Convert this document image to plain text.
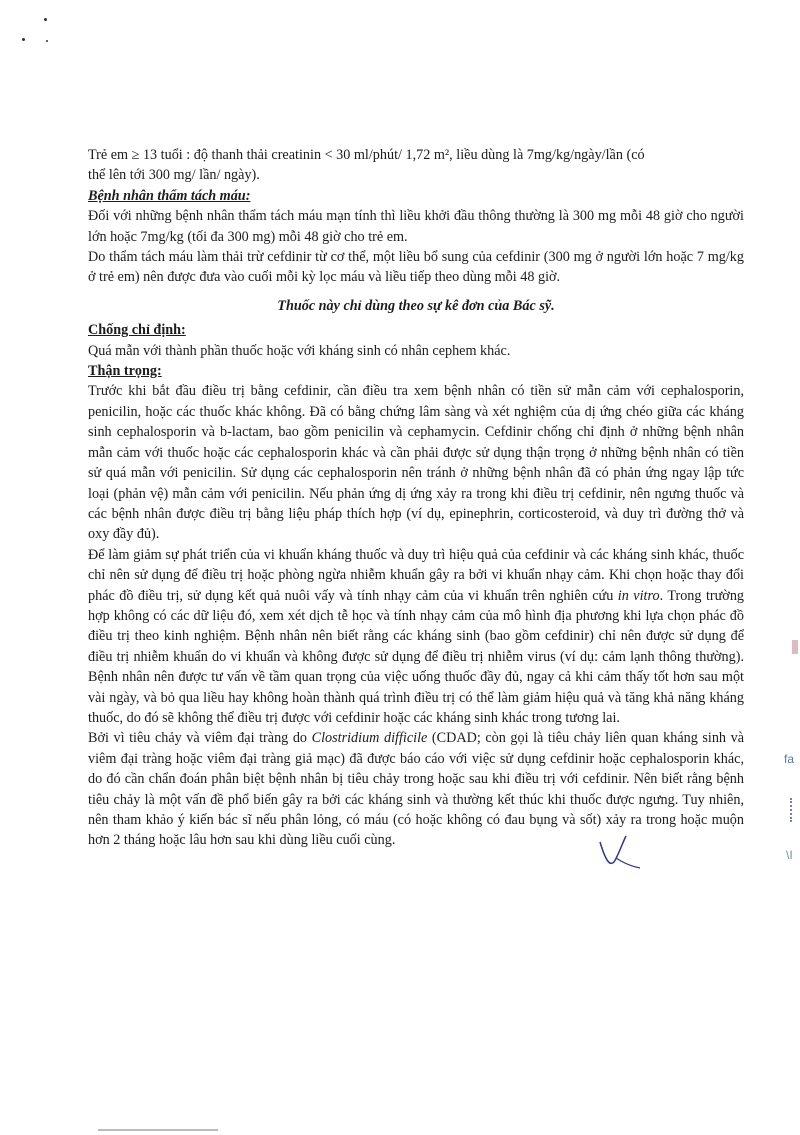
Trẻ em ≥ 13 tuổi : độ thanh thải creatinin < 30 ml/phút/ 1,72 m², liều dùng là 7mg/kg/ngày/lần (có

thể lên tới 300 mg/ lần/ ngày).

Bệnh nhân thẩm tách máu:

Đối với những bệnh nhân thẩm tách máu mạn tính thì liều khởi đầu thông thường là 300 mg mỗi 48 giờ cho người lớn hoặc 7mg/kg (tối đa 300 mg) mỗi 48 giờ cho trẻ em.

Do thẩm tách máu làm thải trừ cefdinir từ cơ thể, một liều bổ sung của cefdinir (300 mg ở người lớn hoặc 7 mg/kg ở trẻ em) nên được đưa vào cuối mỗi kỳ lọc máu và liều tiếp theo dùng mỗi 48 giờ.

Thuốc này chỉ dùng theo sự kê đơn của Bác sỹ.

Chống chỉ định:

Quá mẫn với thành phần thuốc hoặc với kháng sinh có nhân cephem khác.

Thận trọng:

Trước khi bắt đầu điều trị bằng cefdinir, cần điều tra xem bệnh nhân có tiền sử mẫn cảm với cephalosporin, penicilin, hoặc các thuốc khác không. Đã có bằng chứng lâm sàng và xét nghiệm của dị ứng chéo giữa các kháng sinh cephalosporin và b-lactam, bao gồm penicilin và cephamycin. Cefdinir chống chỉ định ở những bệnh nhân mẫn cảm với thuốc hoặc các cephalosporin khác và cần phải được sử dụng thận trọng ở những bệnh nhân có tiền sử quá mẫn với penicilin. Sử dụng các cephalosporin nên tránh ở những bệnh nhân đã có phản ứng ngay lập tức loại (phản vệ) mẫn cảm với penicilin. Nếu phản ứng dị ứng xảy ra trong khi điều trị cefdinir, nên ngưng thuốc và các bệnh nhân được điều trị bằng liệu pháp thích hợp (ví dụ, epinephrin, corticosteroid, và duy trì đường thở và oxy đầy đủ).

Để làm giảm sự phát triển của vi khuẩn kháng thuốc và duy trì hiệu quả của cefdinir và các kháng sinh khác, thuốc chỉ nên sử dụng để điều trị hoặc phòng ngừa nhiễm khuẩn gây ra bởi vi khuẩn nhạy cảm. Khi chọn hoặc thay đổi phác đồ điều trị, sử dụng kết quả nuôi vấy và tính nhạy cảm của vi khuẩn trên nghiên cứu in vitro. Trong trường hợp không có các dữ liệu đó, xem xét dịch tễ học và tính nhạy cảm của mô hình địa phương khi lựa chọn phác đồ điều trị theo kinh nghiệm. Bệnh nhân nên biết rằng các kháng sinh (bao gồm cefdinir) chỉ nên được sử dụng để điều trị nhiễm khuẩn do vi khuẩn và không được sử dụng để điều trị nhiễm virus (ví dụ: cảm lạnh thông thường). Bệnh nhân nên được tư vấn về tầm quan trọng của việc uống thuốc đầy đủ, ngay cả khi cảm thấy tốt hơn sau một vài ngày, và bỏ qua liều hay không hoàn thành quá trình điều trị có thể làm giảm hiệu quả và tăng khả năng kháng thuốc, do đó sẽ không thể điều trị được với cefdinir hoặc các kháng sinh khác trong tương lai.

Bởi vì tiêu chảy và viêm đại tràng do Clostridium difficile (CDAD; còn gọi là tiêu chảy liên quan kháng sinh và viêm đại tràng hoặc viêm đại tràng giả mạc) đã được báo cáo với việc sử dụng cefdinir hoặc cephalosporin khác, do đó cần chẩn đoán phân biệt bệnh nhân bị tiêu chảy trong hoặc sau khi điều trị với cefdinir. Nên biết rằng bệnh tiêu chảy là một vấn đề phổ biến gây ra bởi các kháng sinh và thường kết thúc khi thuốc được ngưng. Tuy nhiên, nên tham khảo ý kiến bác sĩ nếu phân lỏng, có máu (có hoặc không có đau bụng và sốt) xảy ra trong hoặc muộn hơn 2 tháng hoặc lâu hơn sau khi dùng liều cuối cùng.

fa
\I
